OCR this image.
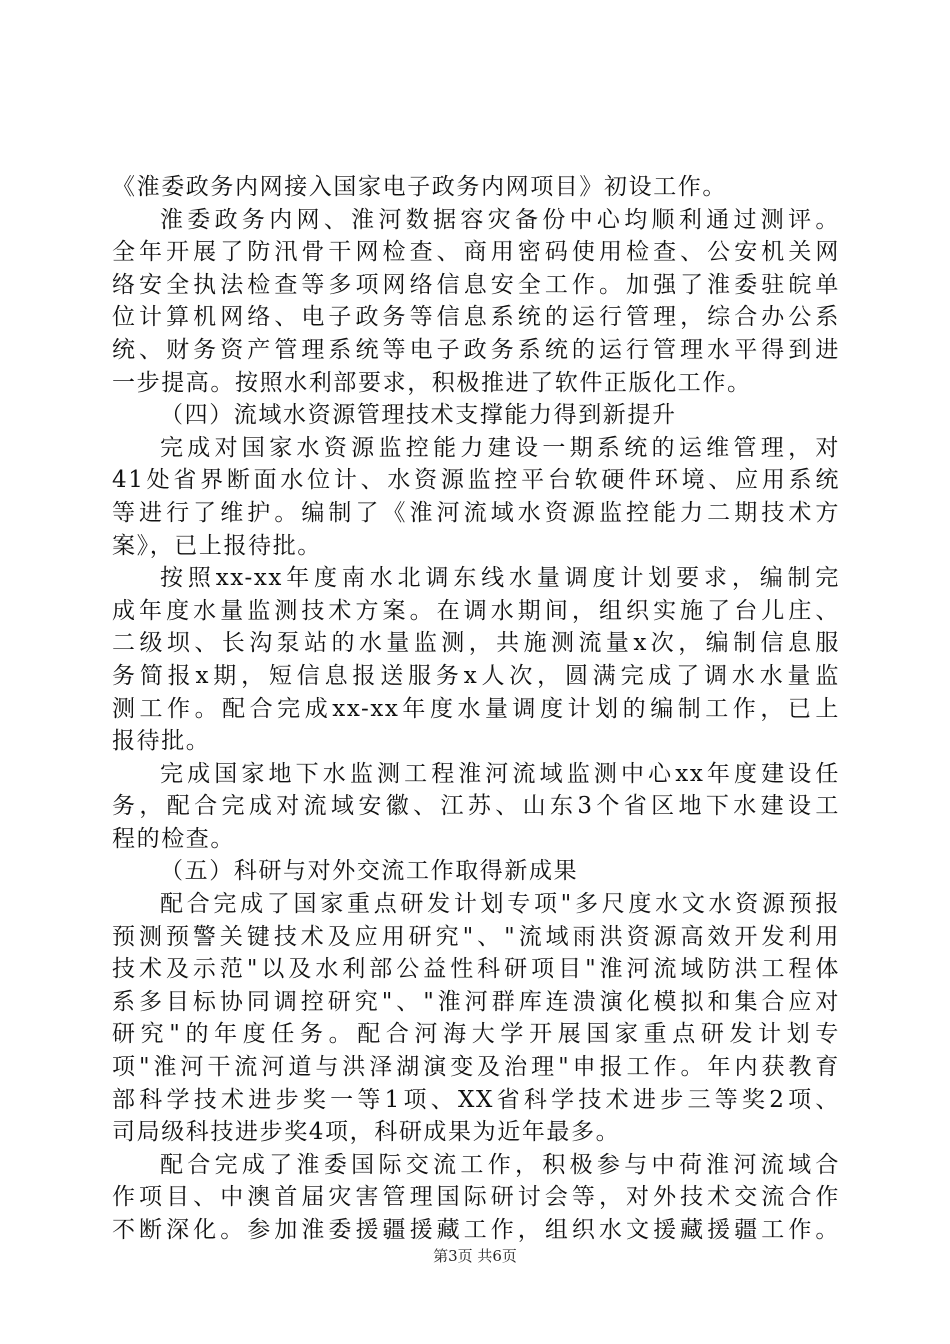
《淮委政务内网接入国家电子政务内网项目》初设工作。
淮委政务内网、淮河数据容灾备份中心均顺利通过测评。
全年开展了防汛骨干网检查、商用密码使用检查、公安机关网
络安全执法检查等多项网络信息安全工作。加强了淮委驻皖单
位计算机网络、电子政务等信息系统的运行管理，综合办公系
统、财务资产管理系统等电子政务系统的运行管理水平得到进
一步提高。按照水利部要求，积极推进了软件正版化工作。
（四）流域水资源管理技术支撑能力得到新提升
完成对国家水资源监控能力建设一期系统的运维管理，对
41处省界断面水位计、水资源监控平台软硬件环境、应用系统
等进行了维护。编制了《淮河流域水资源监控能力二期技术方
案》，已上报待批。
按照xx-xx年度南水北调东线水量调度计划要求，编制完
成年度水量监测技术方案。在调水期间，组织实施了台儿庄、
二级坝、长沟泵站的水量监测，共施测流量x次，编制信息服
务简报x期，短信息报送服务x人次，圆满完成了调水水量监
测工作。配合完成xx-xx年度水量调度计划的编制工作，已上
报待批。
完成国家地下水监测工程淮河流域监测中心xx年度建设任
务，配合完成对流域安徽、江苏、山东3个省区地下水建设工
程的检查。
（五）科研与对外交流工作取得新成果
配合完成了国家重点研发计划专项"多尺度水文水资源预报
预测预警关键技术及应用研究"、"流域雨洪资源高效开发利用
技术及示范"以及水利部公益性科研项目"淮河流域防洪工程体
系多目标协同调控研究"、"淮河群库连溃演化模拟和集合应对
研究"的年度任务。配合河海大学开展国家重点研发计划专
项"淮河干流河道与洪泽湖演变及治理"申报工作。年内获教育
部科学技术进步奖一等1项、XX省科学技术进步三等奖2项、
司局级科技进步奖4项，科研成果为近年最多。
配合完成了淮委国际交流工作，积极参与中荷淮河流域合
作项目、中澳首届灾害管理国际研讨会等，对外技术交流合作
不断深化。参加淮委援疆援藏工作，组织水文援藏援疆工作。
第3页 共6页
